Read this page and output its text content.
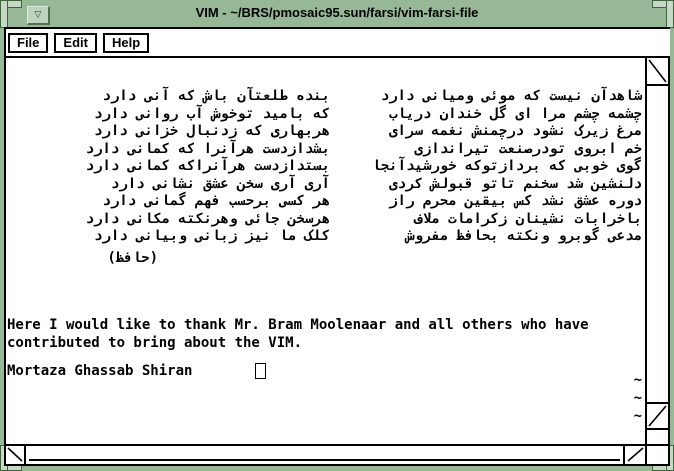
▽	VIM - ~/BRS/pmosaic95.sun/farsi/vim-farsi-file
File	Edit	Help
شاهدآن نیست که موئی ومیانی دارد
بنده طلعتآن باش که آنی دارد
چشمه چشم مرا ای گل خندان دریاب
که بامید توخوش آب روانی دارد
مرغ زیرک نشود درچمنش نغمه سرای
هربهاری که زدنبال خزانی دارد
خم ابروی تودرصنعت تیراندازی
بشدازدست هرآنرا که کمانی دارد
گوی خوبی که بردازتوکه خورشیدآنجا
بستدازدست هرآنراکه کمانی دارد
دلنشین شد سخنم تاتو قبولش کردی
آری آری سخن عشق نشانی دارد
دوره عشق نشد کس بیقین محرم راز
هر کسی برحسب فهم گمانی دارد
باخرابات نشینان زکرامات ملاف
هرسخن جائی وهرنکته مکانی دارد
مدعی گوبرو ونکته بحافظ مفروش
کلک ما نیز زبانی وبیانی دارد
(حافظ)
Here I would like to thank Mr. Bram Moolenaar and all others who have
contributed to bring about the VIM.
Mortaza Ghassab Shiran
~
~
~
